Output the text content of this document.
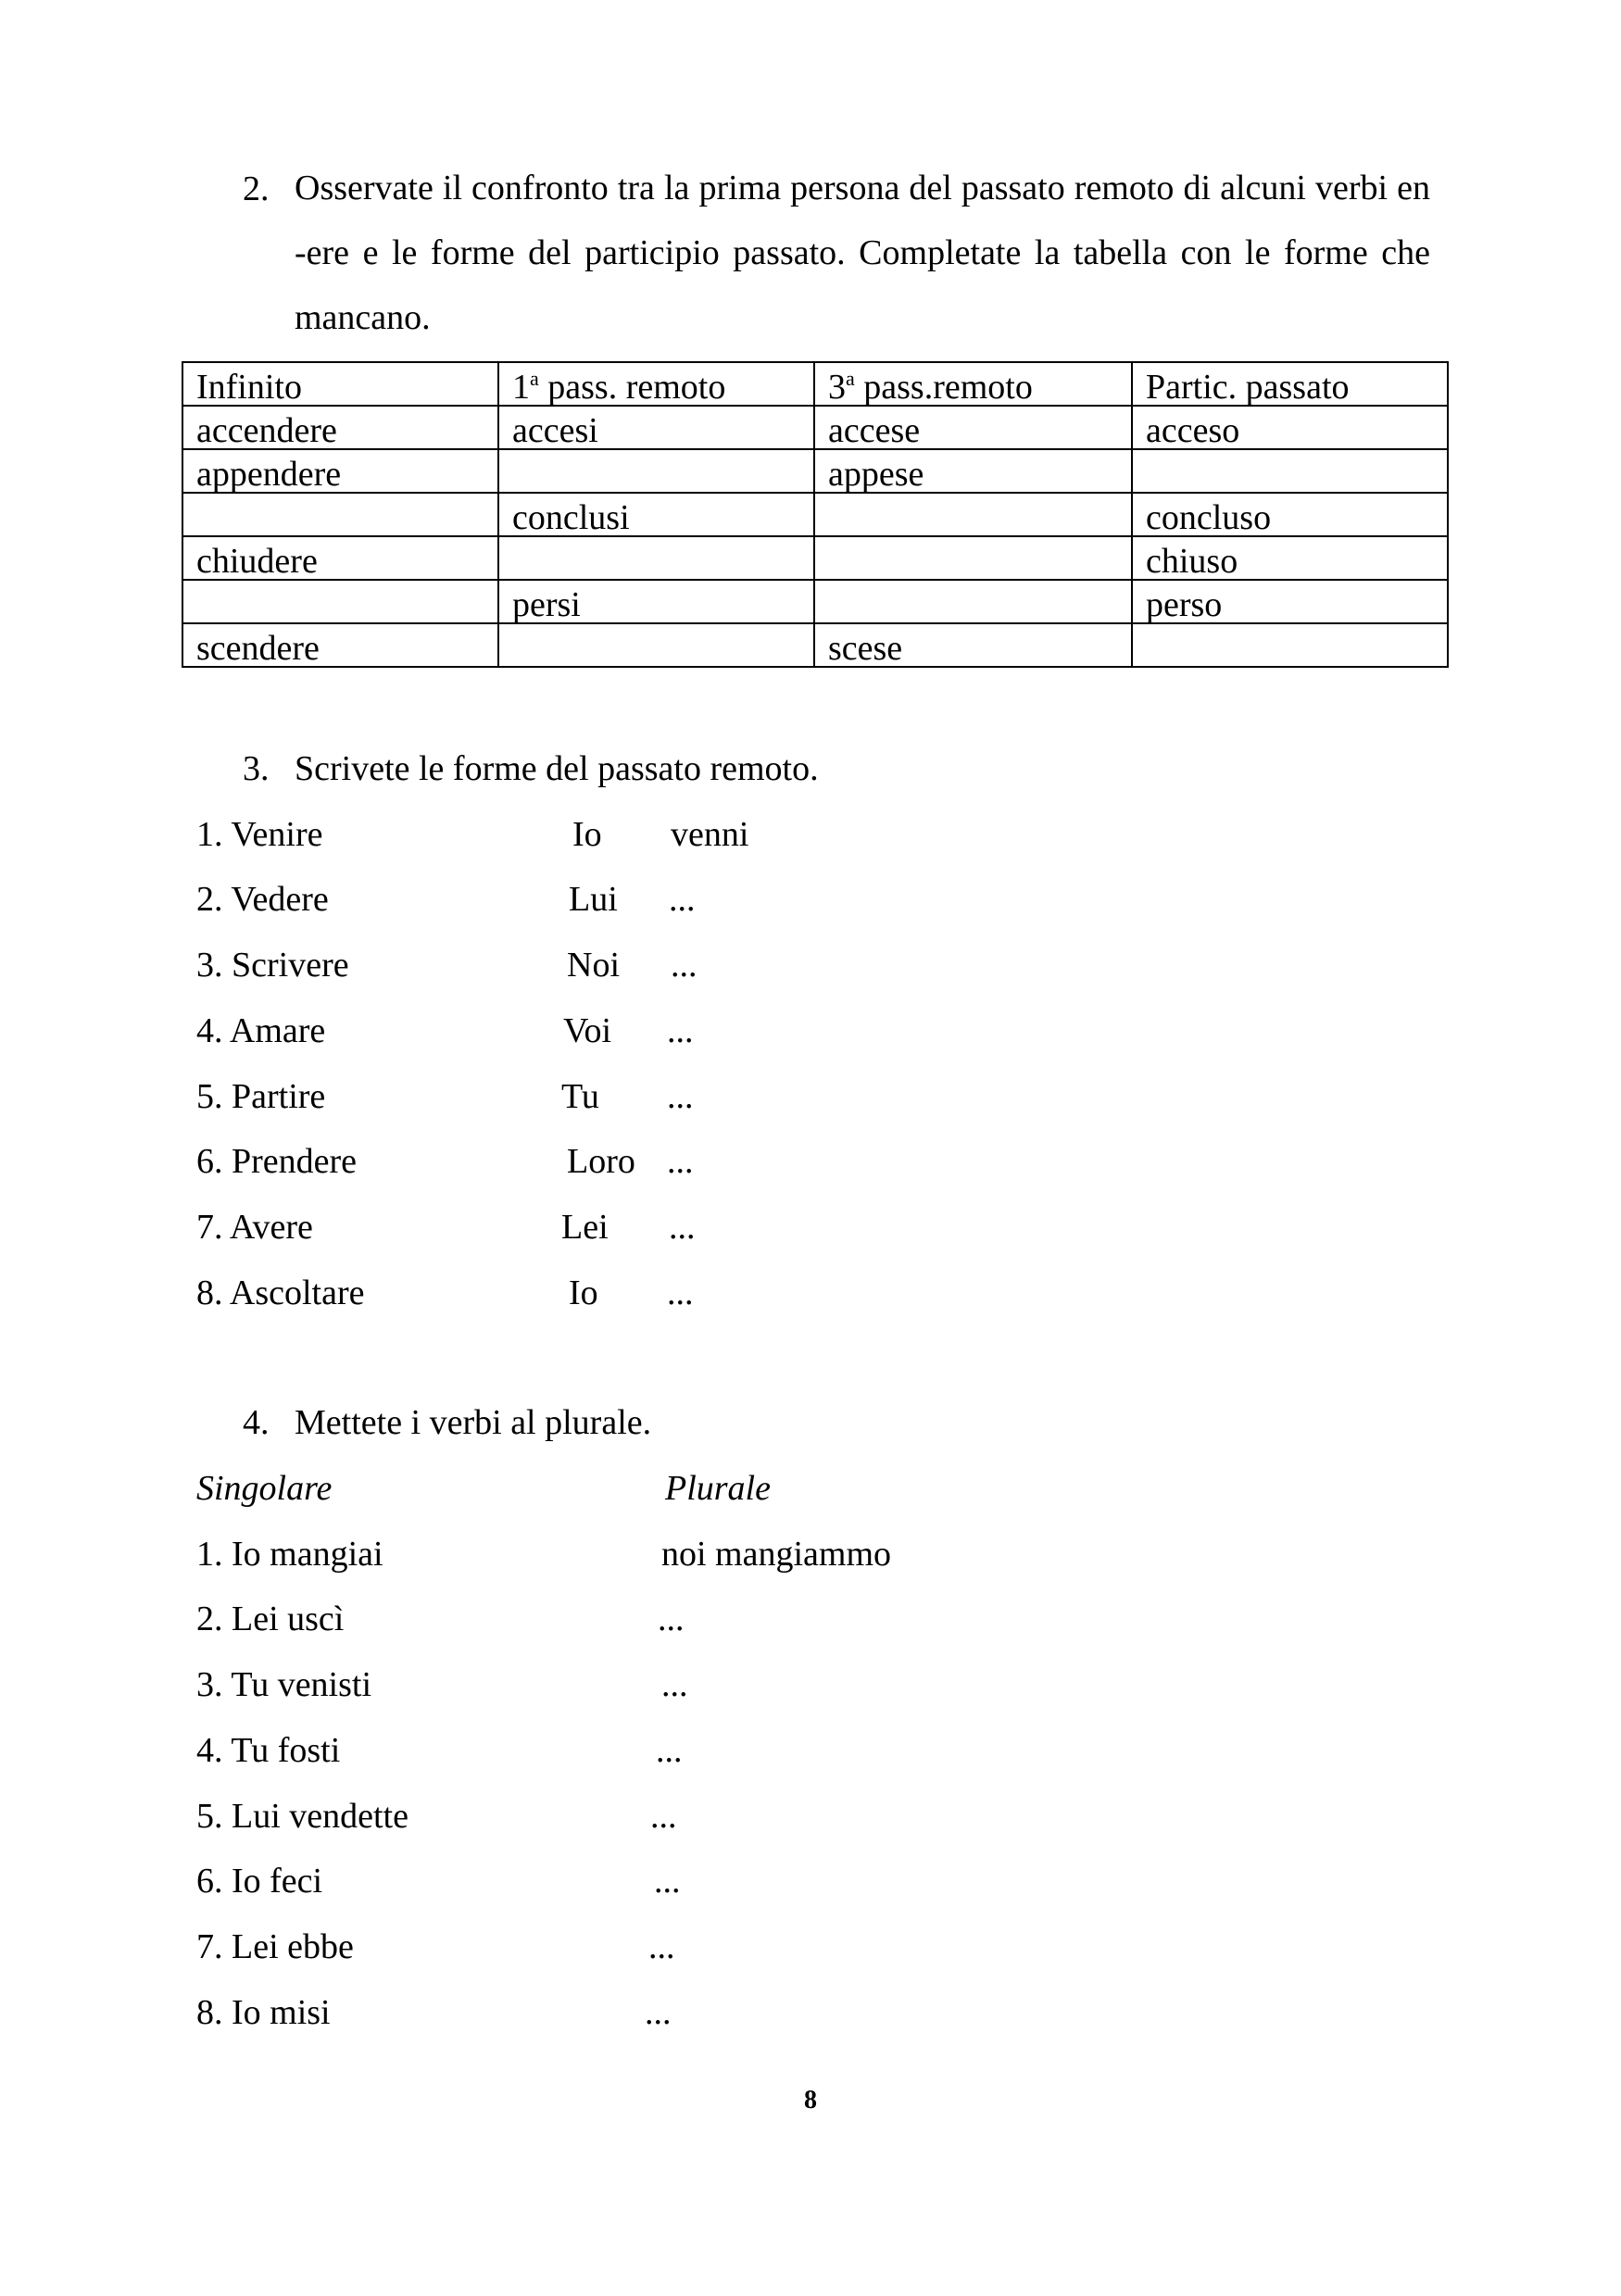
2. Osservate il confronto tra la prima persona del passato remoto di alcuni verbi en -ere e le forme del participio passato. Completate la tabella con le forme che mancano.
Infinito	1$^a$ pass. remoto	3$^a$ pass.remoto	Partic. passato
accendere	accesi	accese	acceso
appendere		appese	
	conclusi		concluso
chiudere			chiuso
	persi		perso
scendere		scese	
3. Scrivete le forme del passato remoto.
1. Venire	Io venni
2. Vedere	Lui ...
3. Scrivere	Noi ...
4. Amare	Voi ...
5. Partire	Tu ...
6. Prendere	Loro ...
7. Avere	Lei ...
8. Ascoltare	Io ...
4. Mettete i verbi al plurale.
Singolare	Plurale
1. Io mangiai	noi mangiammo
2. Lei uscì	...
3. Tu venisti	...
4. Tu fosti	...
5. Lui vendette	...
6. Io feci	...
7. Lei ebbe	...
8. Io misi	...
8
